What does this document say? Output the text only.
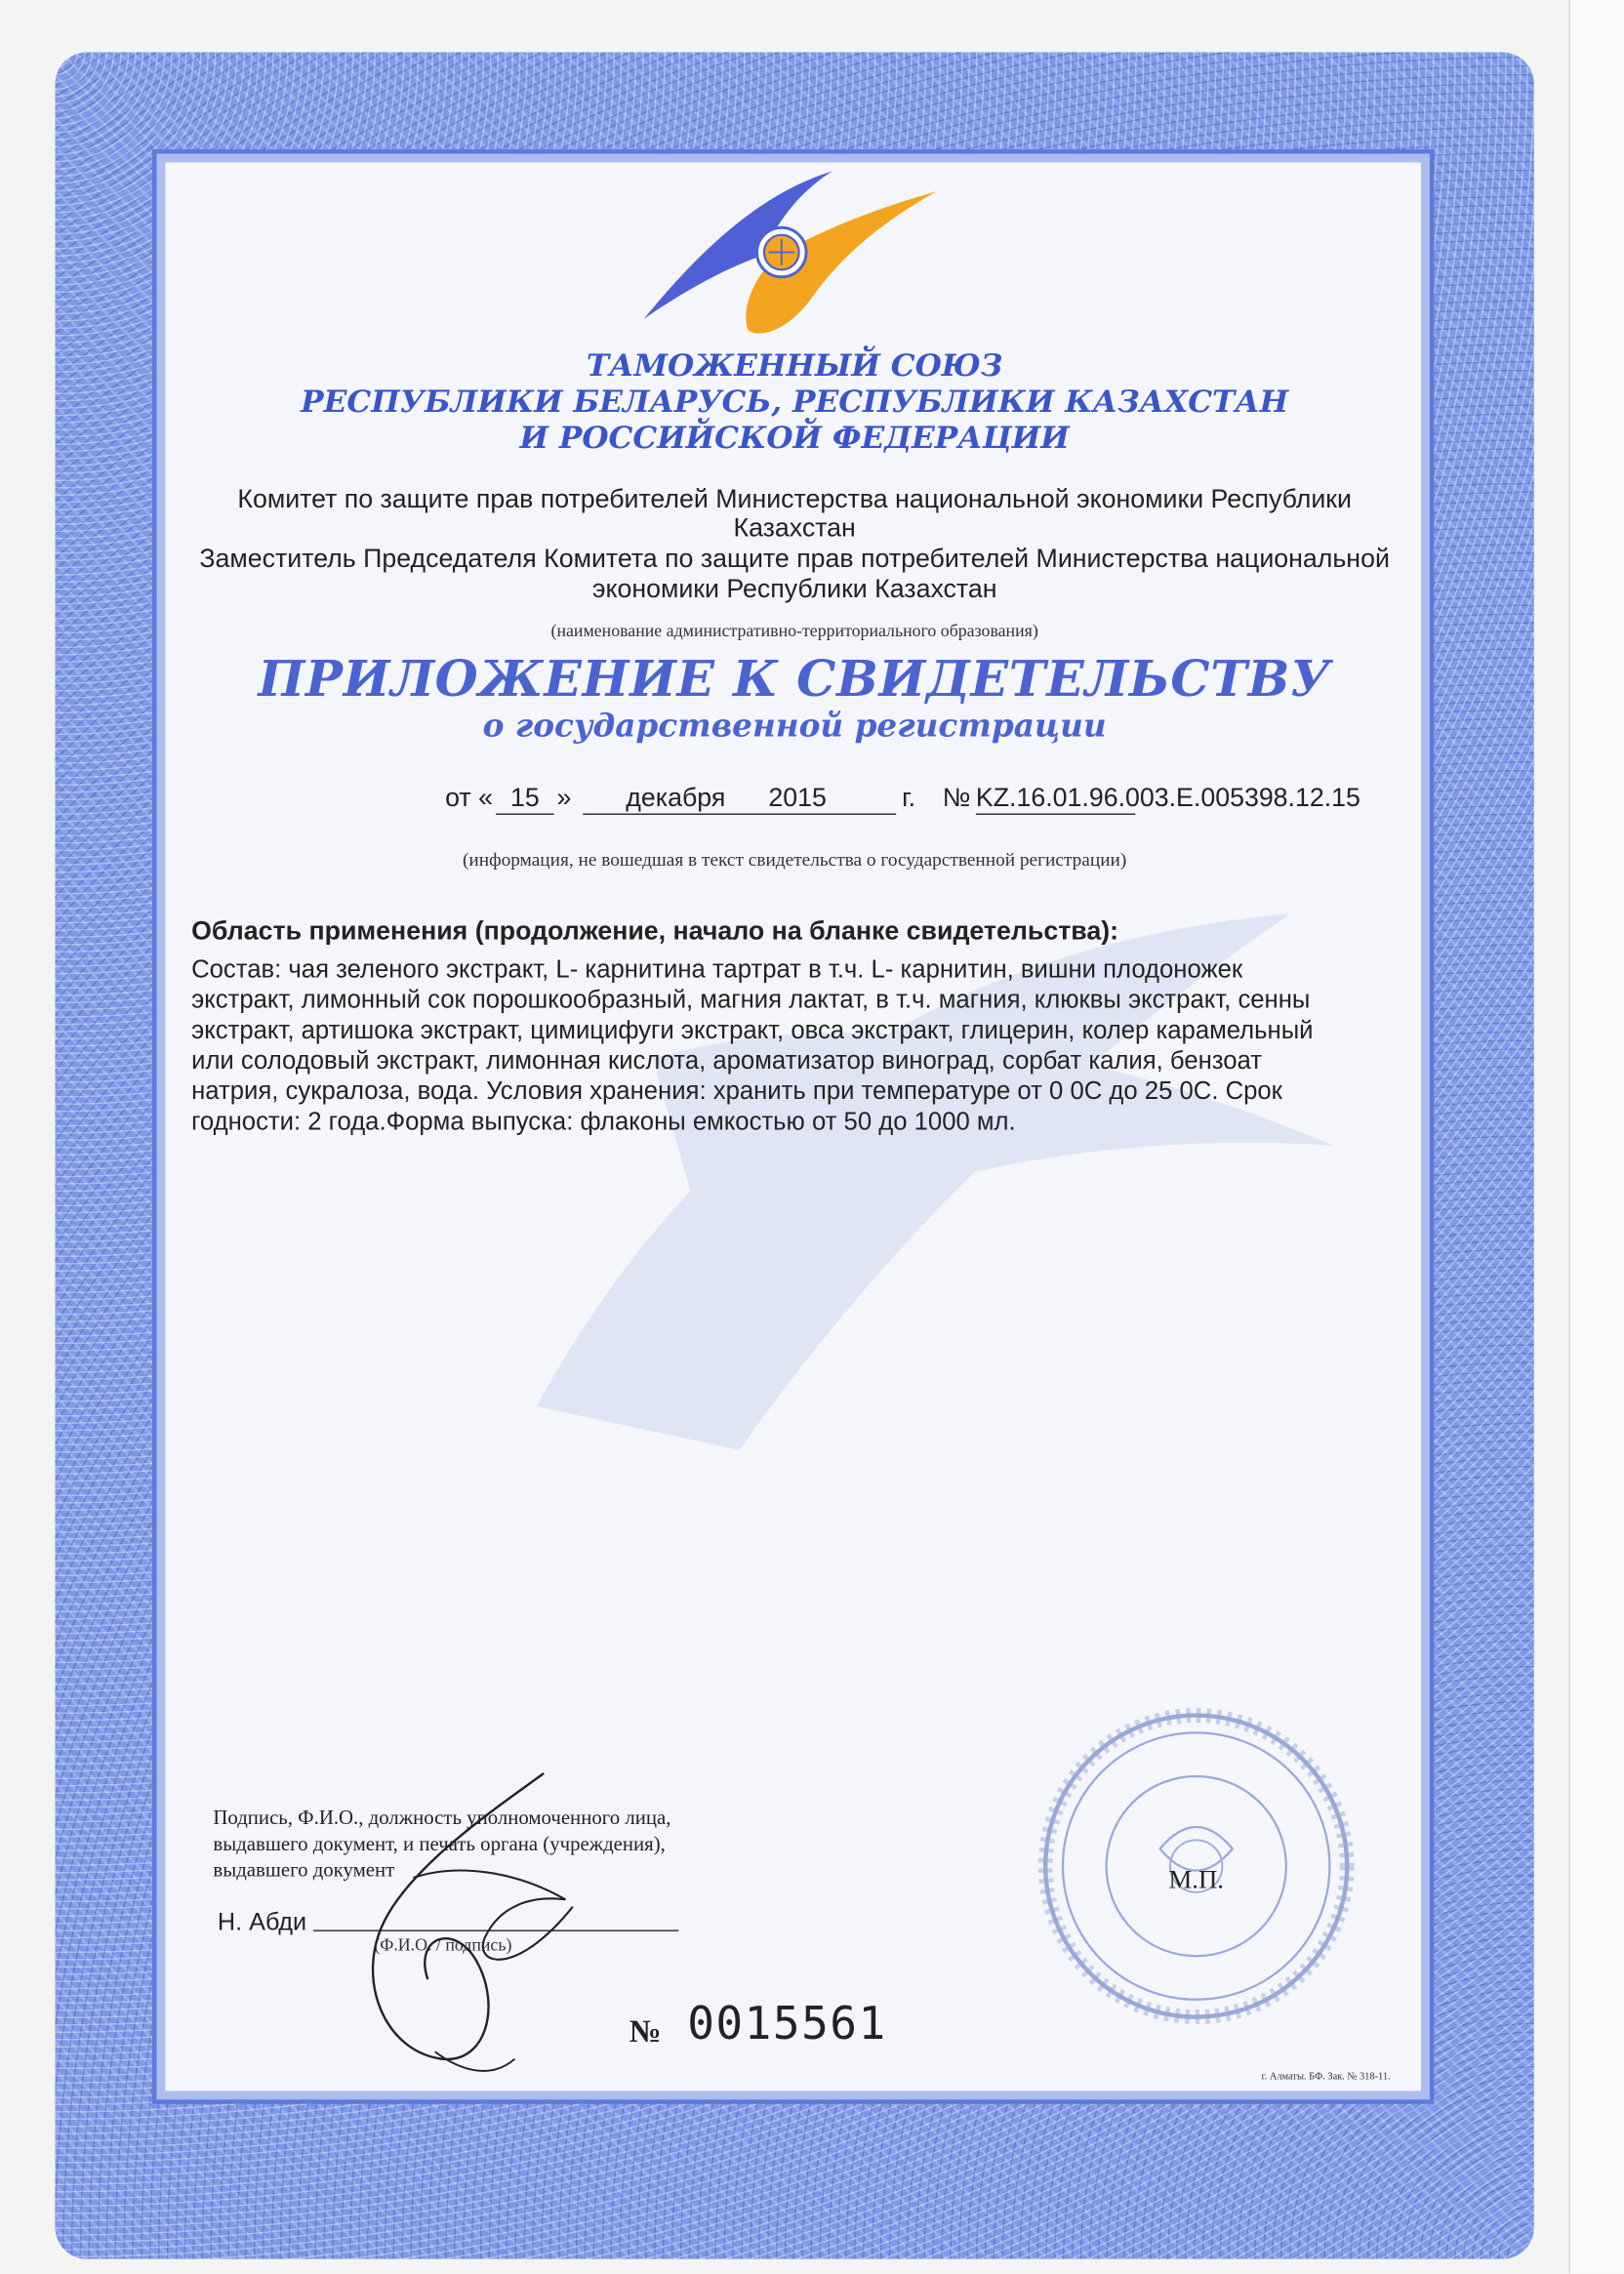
ТАМОЖЕННЫЙ СОЮЗ
РЕСПУБЛИКИ БЕЛАРУСЬ, РЕСПУБЛИКИ КАЗАХСТАН
И РОССИЙСКОЙ ФЕДЕРАЦИИ
Комитет по защите прав потребителей Министерства национальной экономики Республики
Казахстан
Заместитель Председателя Комитета по защите прав потребителей Министерства национальной
экономики Республики Казахстан
(наименование административно-территориального образования)
ПРИЛОЖЕНИЕ К СВИДЕТЕЛЬСТВУ
о государственной регистрации
от « 15 »	декабря	2015	г. № KZ.16.01.96.003.E.005398.12.15
(информация, не вошедшая в текст свидетельства о государственной регистрации)
Область применения (продолжение, начало на бланке свидетельства):
Состав: чая зеленого экстракт, L- карнитина тартрат в т.ч. L- карнитин, вишни плодоножек
экстракт, лимонный сок порошкообразный, магния лактат, в т.ч. магния, клюквы экстракт, сенны
экстракт, артишока экстракт, цимицифуги экстракт, овса экстракт, глицерин, колер карамельный
или солодовый экстракт, лимонная кислота, ароматизатор виноград, сорбат калия, бензоат
натрия, сукралоза, вода. Условия хранения: хранить при температуре от 0 0С до 25 0С. Срок
годности: 2 года.Форма выпуска: флаконы емкостью от 50 до 1000 мл.
Подпись, Ф.И.О., должность уполномоченного лица,
выдавшего документ, и печать органа (учреждения),
выдавшего документ
Н. Абди
(Ф.И.О. / подпись)
М.П.
№ 0015561
г. Алматы. БФ. Зак. № 318-11.
